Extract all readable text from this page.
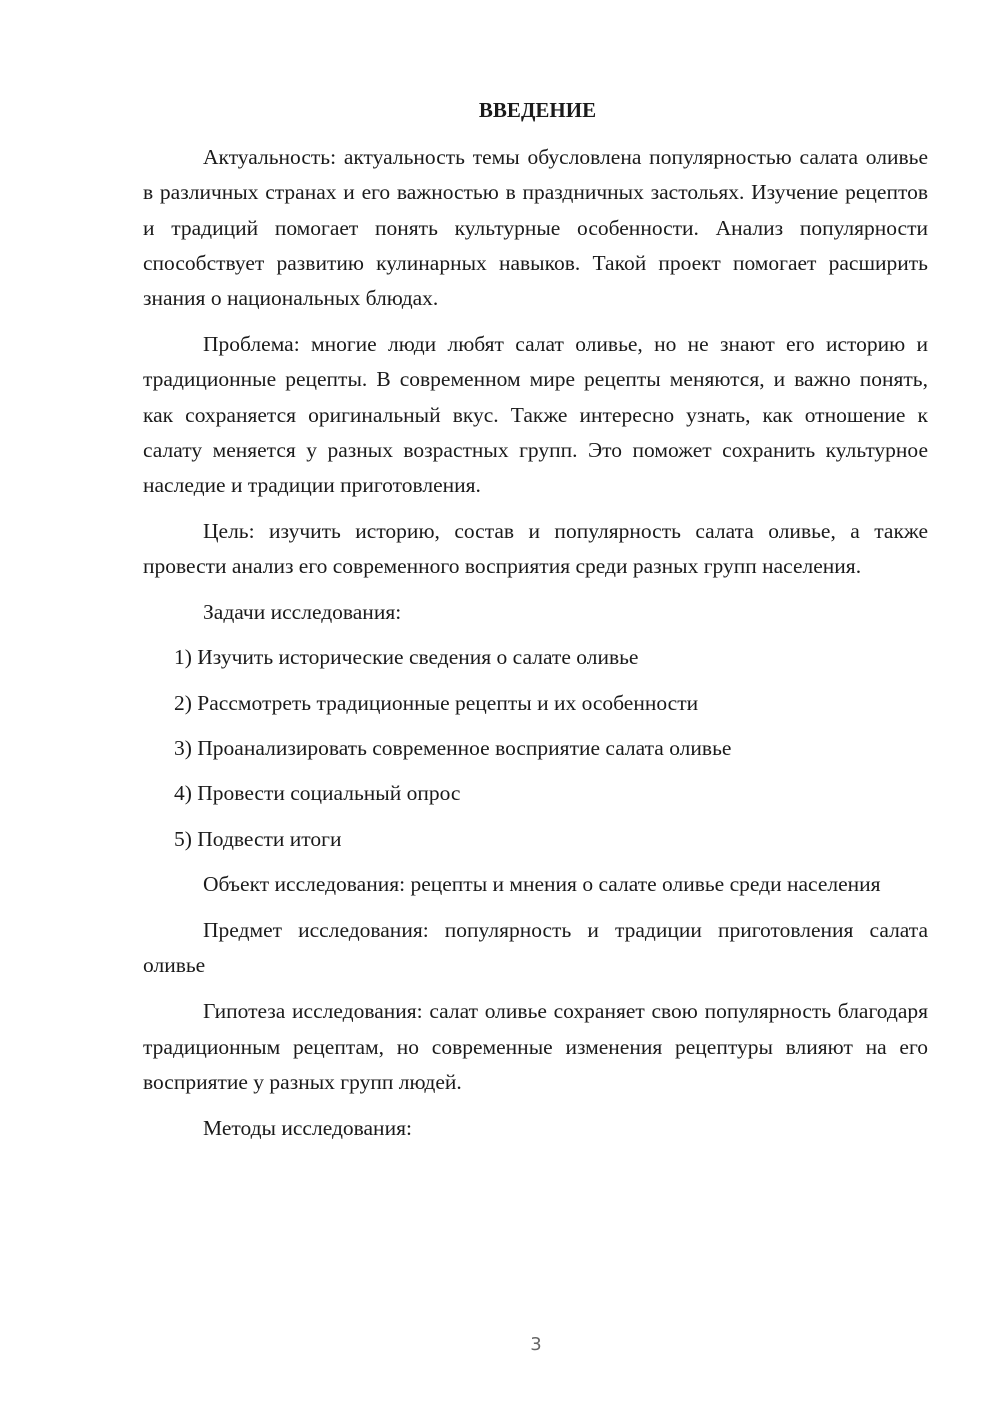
ВВЕДЕНИЕ

Актуальность: актуальность темы обусловлена популярностью салата оливье в различных странах и его важностью в праздничных застольях. Изучение рецептов и традиций помогает понять культурные особенности. Анализ популярности способствует развитию кулинарных навыков. Такой проект помогает расширить знания о национальных блюдах.

Проблема: многие люди любят салат оливье, но не знают его историю и традиционные рецепты. В современном мире рецепты меняются, и важно понять, как сохраняется оригинальный вкус. Также интересно узнать, как отношение к салату меняется у разных возрастных групп. Это поможет сохранить культурное наследие и традиции приготовления.

Цель: изучить историю, состав и популярность салата оливье, а также провести анализ его современного восприятия среди разных групп населения.

Задачи исследования:

1) Изучить исторические сведения о салате оливье

2) Рассмотреть традиционные рецепты и их особенности

3) Проанализировать современное восприятие салата оливье

4) Провести социальный опрос

5) Подвести итоги

Объект исследования: рецепты и мнения о салате оливье среди населения

Предмет исследования: популярность и традиции приготовления салата оливье

Гипотеза исследования: салат оливье сохраняет свою популярность благодаря традиционным рецептам, но современные изменения рецептуры влияют на его восприятие у разных групп людей.

Методы исследования:

3
